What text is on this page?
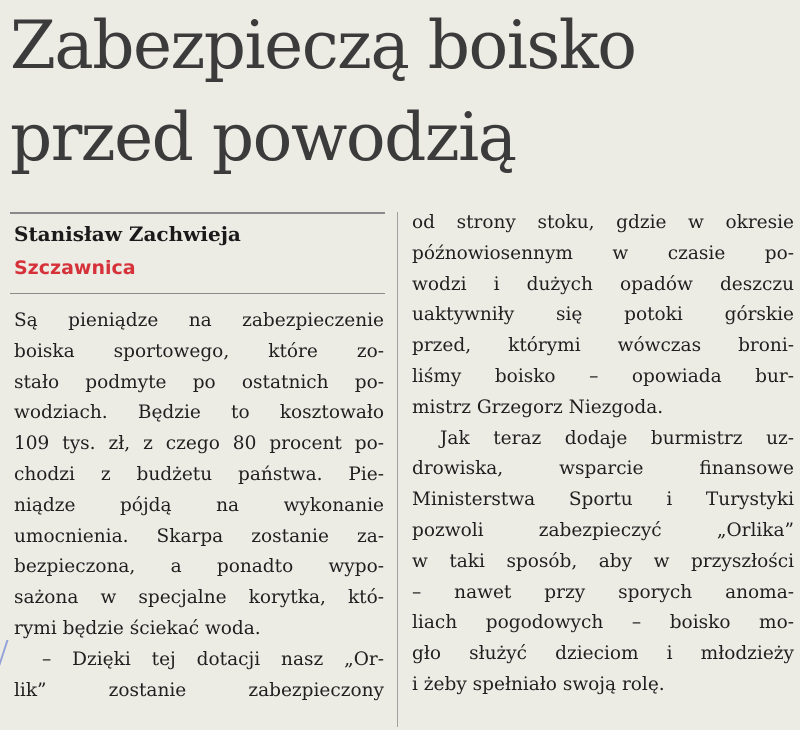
Zabezpieczą boisko
przed powodzią
Stanisław Zachwieja
Szczawnica
Są pieniądze na zabezpieczenie
boiska sportowego, które zo-
stało podmyte po ostatnich po-
wodziach. Będzie to kosztowało
109 tys. zł, z czego 80 procent po-
chodzi z budżetu państwa. Pie-
niądze pójdą na wykonanie
umocnienia. Skarpa zostanie za-
bezpieczona, a ponadto wypo-
sażona w specjalne korytka, któ-
rymi będzie ściekać woda.
– Dzięki tej dotacji nasz „Or-
lik” zostanie zabezpieczony
od strony stoku, gdzie w okresie
późnowiosennym w czasie po-
wodzi i dużych opadów deszczu
uaktywniły się potoki górskie
przed, którymi wówczas broni-
liśmy boisko – opowiada bur-
mistrz Grzegorz Niezgoda.
Jak teraz dodaje burmistrz uz-
drowiska, wsparcie finansowe
Ministerstwa Sportu i Turystyki
pozwoli zabezpieczyć „Orlika”
w taki sposób, aby w przyszłości
– nawet przy sporych anoma-
liach pogodowych – boisko mo-
gło służyć dzieciom i młodzieży
i żeby spełniało swoją rolę.
